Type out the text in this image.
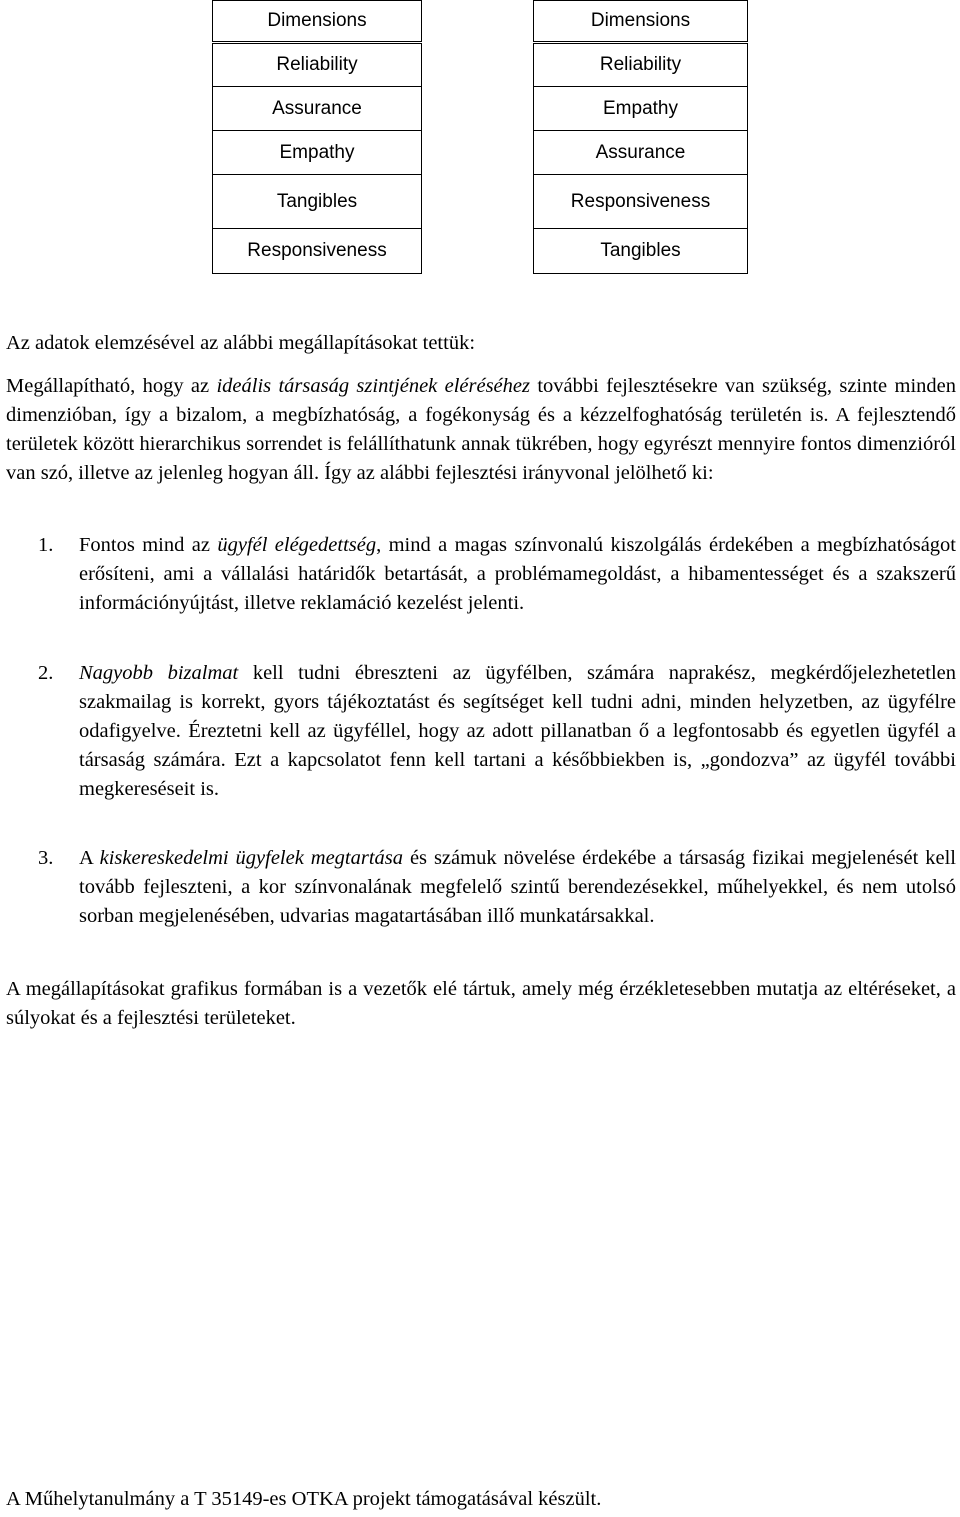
Dimensions
Reliability
Assurance
Empathy
Tangibles
Responsiveness
Dimensions
Reliability
Empathy
Assurance
Responsiveness
Tangibles

Az adatok elemzésével az alábbi megállapításokat tettük:

Megállapítható, hogy az ideális társaság szintjének eléréséhez további fejlesztésekre van szükség, szinte minden dimenzióban, így a bizalom, a megbízhatóság, a fogékonyság és a kézzelfoghatóság területén is. A fejlesztendő területek között hierarchikus sorrendet is felállíthatunk annak tükrében, hogy egyrészt mennyire fontos dimenzióról van szó, illetve az jelenleg hogyan áll. Így az alábbi fejlesztési irányvonal jelölhető ki:

1. Fontos mind az ügyfél elégedettség, mind a magas színvonalú kiszolgálás érdekében a megbízhatóságot erősíteni, ami a vállalási határidők betartását, a problémamegoldást, a hibamentességet és a szakszerű információnyújtást, illetve reklamáció kezelést jelenti.
2. Nagyobb bizalmat kell tudni ébreszteni az ügyfélben, számára naprakész, megkérdőjelezhetetlen szakmailag is korrekt, gyors tájékoztatást és segítséget kell tudni adni, minden helyzetben, az ügyfélre odafigyelve. Éreztetni kell az ügyféllel, hogy az adott pillanatban ő a legfontosabb és egyetlen ügyfél a társaság számára. Ezt a kapcsolatot fenn kell tartani a későbbiekben is, „gondozva” az ügyfél további megkereséseit is.
3. A kiskereskedelmi ügyfelek megtartása és számuk növelése érdekébe a társaság fizikai megjelenését kell tovább fejleszteni, a kor színvonalának megfelelő szintű berendezésekkel, műhelyekkel, és nem utolsó sorban megjelenésében, udvarias magatartásában illő munkatársakkal.

A megállapításokat grafikus formában is a vezetők elé tártuk, amely még érzékletesebben mutatja az eltéréseket, a súlyokat és a fejlesztési területeket.

A Műhelytanulmány a T 35149-es OTKA projekt támogatásával készült.
